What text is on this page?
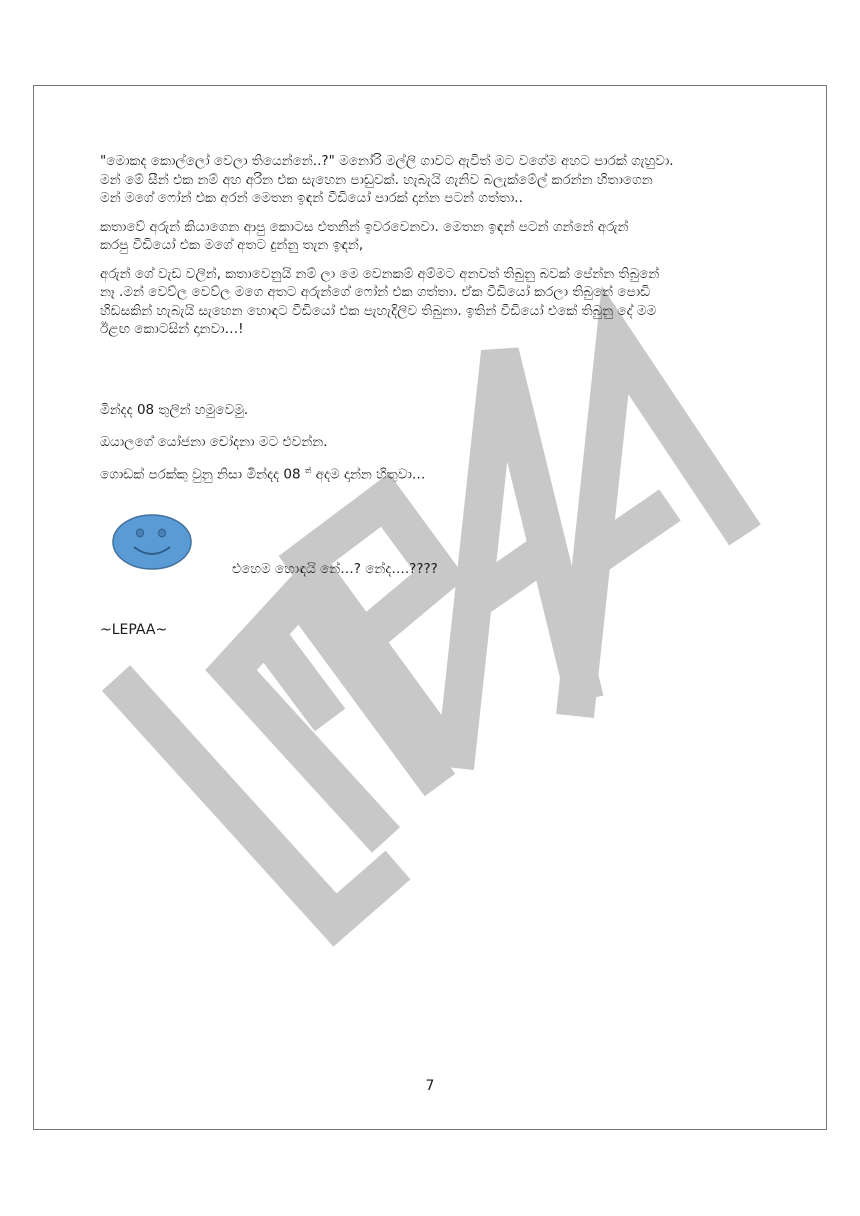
"මොකද කොල්ලෝ වෙලා තියෙන්නේ..?" මනෝරි මල්ලි ගාවට ඇවිත් මට වගේම අහට පාරක් ගැහුවා.
මන් මේ සීන් එක නම් අහ අරින එක සැහෙන පාඩුවක්. හැබැයි ගැනිව බලැක්මේල් කරන්න හිතාගෙන
මන් මගේ ෆෝන් එක අරන් මෙතන ඉඳන් වීඩියෝ පාරක් දාන්න පටන් ගත්තා..

කතාවේ අරුන් කියාගෙන ආපු කොටස එතනින් ඉවරවෙනවා. මෙතන ඉඳන් පටන් ගන්නේ අරුන්
කරපු වීඩියෝ එක මගේ අතට දුන්නු තැන ඉඳන්,

අරුන් ගේ වැඩ වලින්, කතාවෙනුයි නම් ලා මෙ වෙනකම් අම්මට අනවත් තිබුනු බවක් පේන්න තිබුනේ
නෑ .මන් වෙව්ල වෙව්ල මගෙ අතට අරුන්ගේ ෆෝන් එක ගත්තා. ඒක වීඩියෝ කරලා තිබුනේ පොඩි
හිඩසකින් හැබැයි සැහෙන හොඳට වීඩියෝ එක පැහැදිලිව තිබුනා. ඉතින් වීඩියෝ එකේ තිබුනු දේ මම
ඊළඟ කොටසින් දානවා…!

මින්දද 08 තුලින් හමුවෙමු.
ඔයාලගේ යෝජනා චෝදනා මට එවන්න.
ගොඩක් පරක්කු වුනු නිසා මින්දද 08 $^{ත්}$ අදම දාන්න හිතුවා…
එහෙම හොඳයි නේ…? නේද….????
~LEPAA~
7
